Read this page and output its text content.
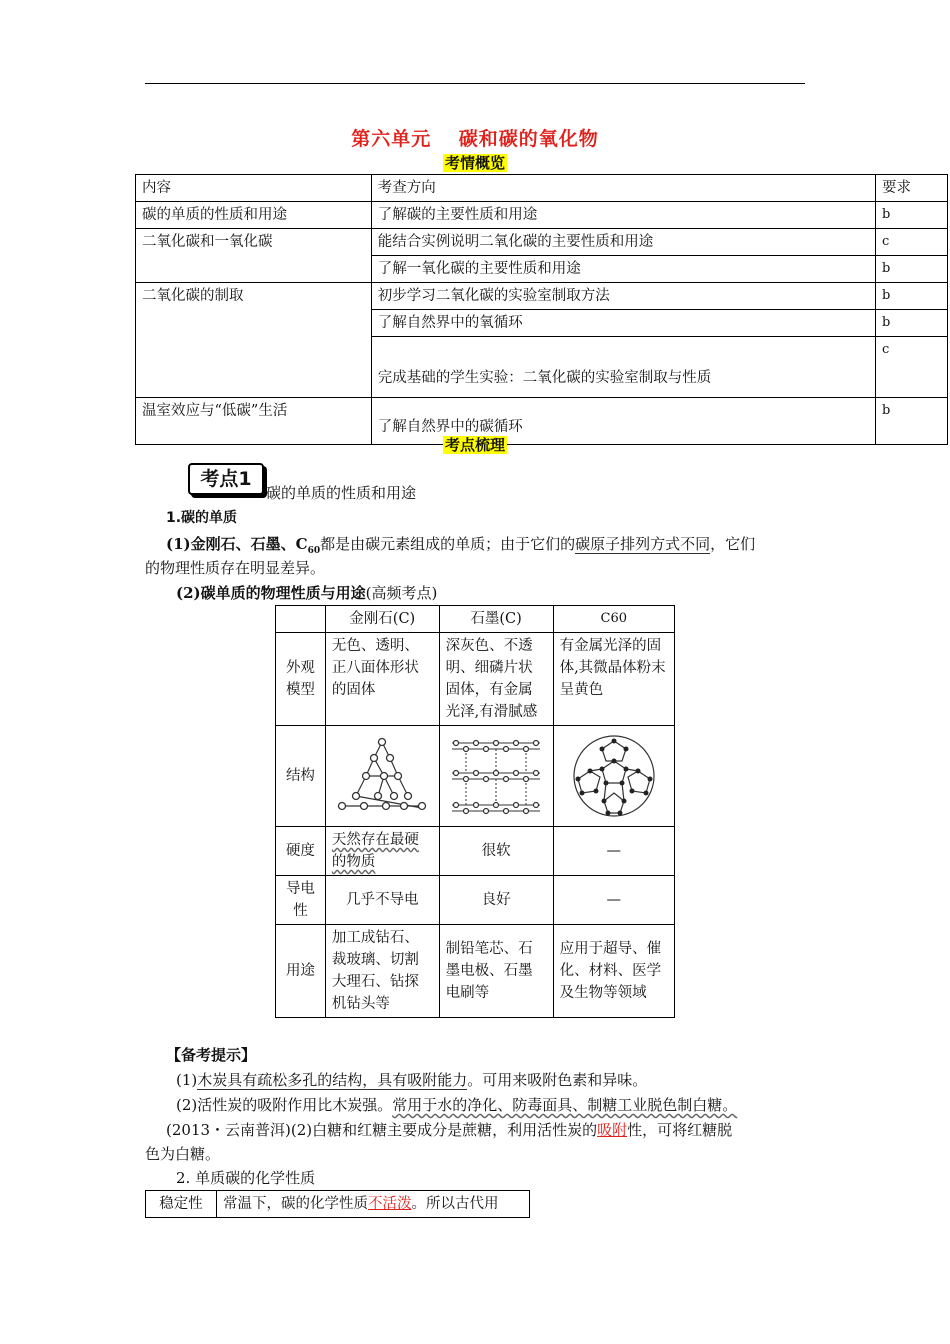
第六单元　 碳和碳的氧化物
考情概览
内容	考查方向	要求
碳的单质的性质和用途	了解碳的主要性质和用途	b
二氧化碳和一氧化碳	能结合实例说明二氧化碳的主要性质和用途	c
	了解一氧化碳的主要性质和用途	b
二氧化碳的制取	初步学习二氧化碳的实验室制取方法	b
	了解自然界中的氧循环	b
	完成基础的学生实验：二氧化碳的实验室制取与性质	c
温室效应与“低碳”生活	了解自然界中的碳循环	b
考点梳理
考点1
碳的单质的性质和用途
1.碳的单质
(1)金刚石、石墨、$C_{60}$都是由碳元素组成的单质；由于它们的碳原子排列方式不同，它们
的物理性质存在明显差异。
(2)碳单质的物理性质与用途(高频考点)
	金刚石(C)	石墨(C)	C60
外观模型	无色、透明、正八面体形状的固体	深灰色、不透明、细磷片状固体，有金属光泽,有滑腻感	有金属光泽的固体,其微晶体粉末呈黄色
结构	

硬度	天然存在最硬的物质	很软	—
导电性	几乎不导电	良好	—
用途	加工成钻石、裁玻璃、切割大理石、钻探机钻头等	制铅笔芯、石墨电极、石墨电刷等	应用于超导、催化、材料、医学及生物等领域
【备考提示】
(1)木炭具有疏松多孔的结构，具有吸附能力。可用来吸附色素和异味。
(2)活性炭的吸附作用比木炭强。常用于水的净化、防毒面具、制糖工业脱色制白糖。
(2013・云南普洱)(2)白糖和红糖主要成分是蔗糖，利用活性炭的吸附性，可将红糖脱
色为白糖。
2. 单质碳的化学性质
稳定性	常温下，碳的化学性质不活泼。所以古代用
